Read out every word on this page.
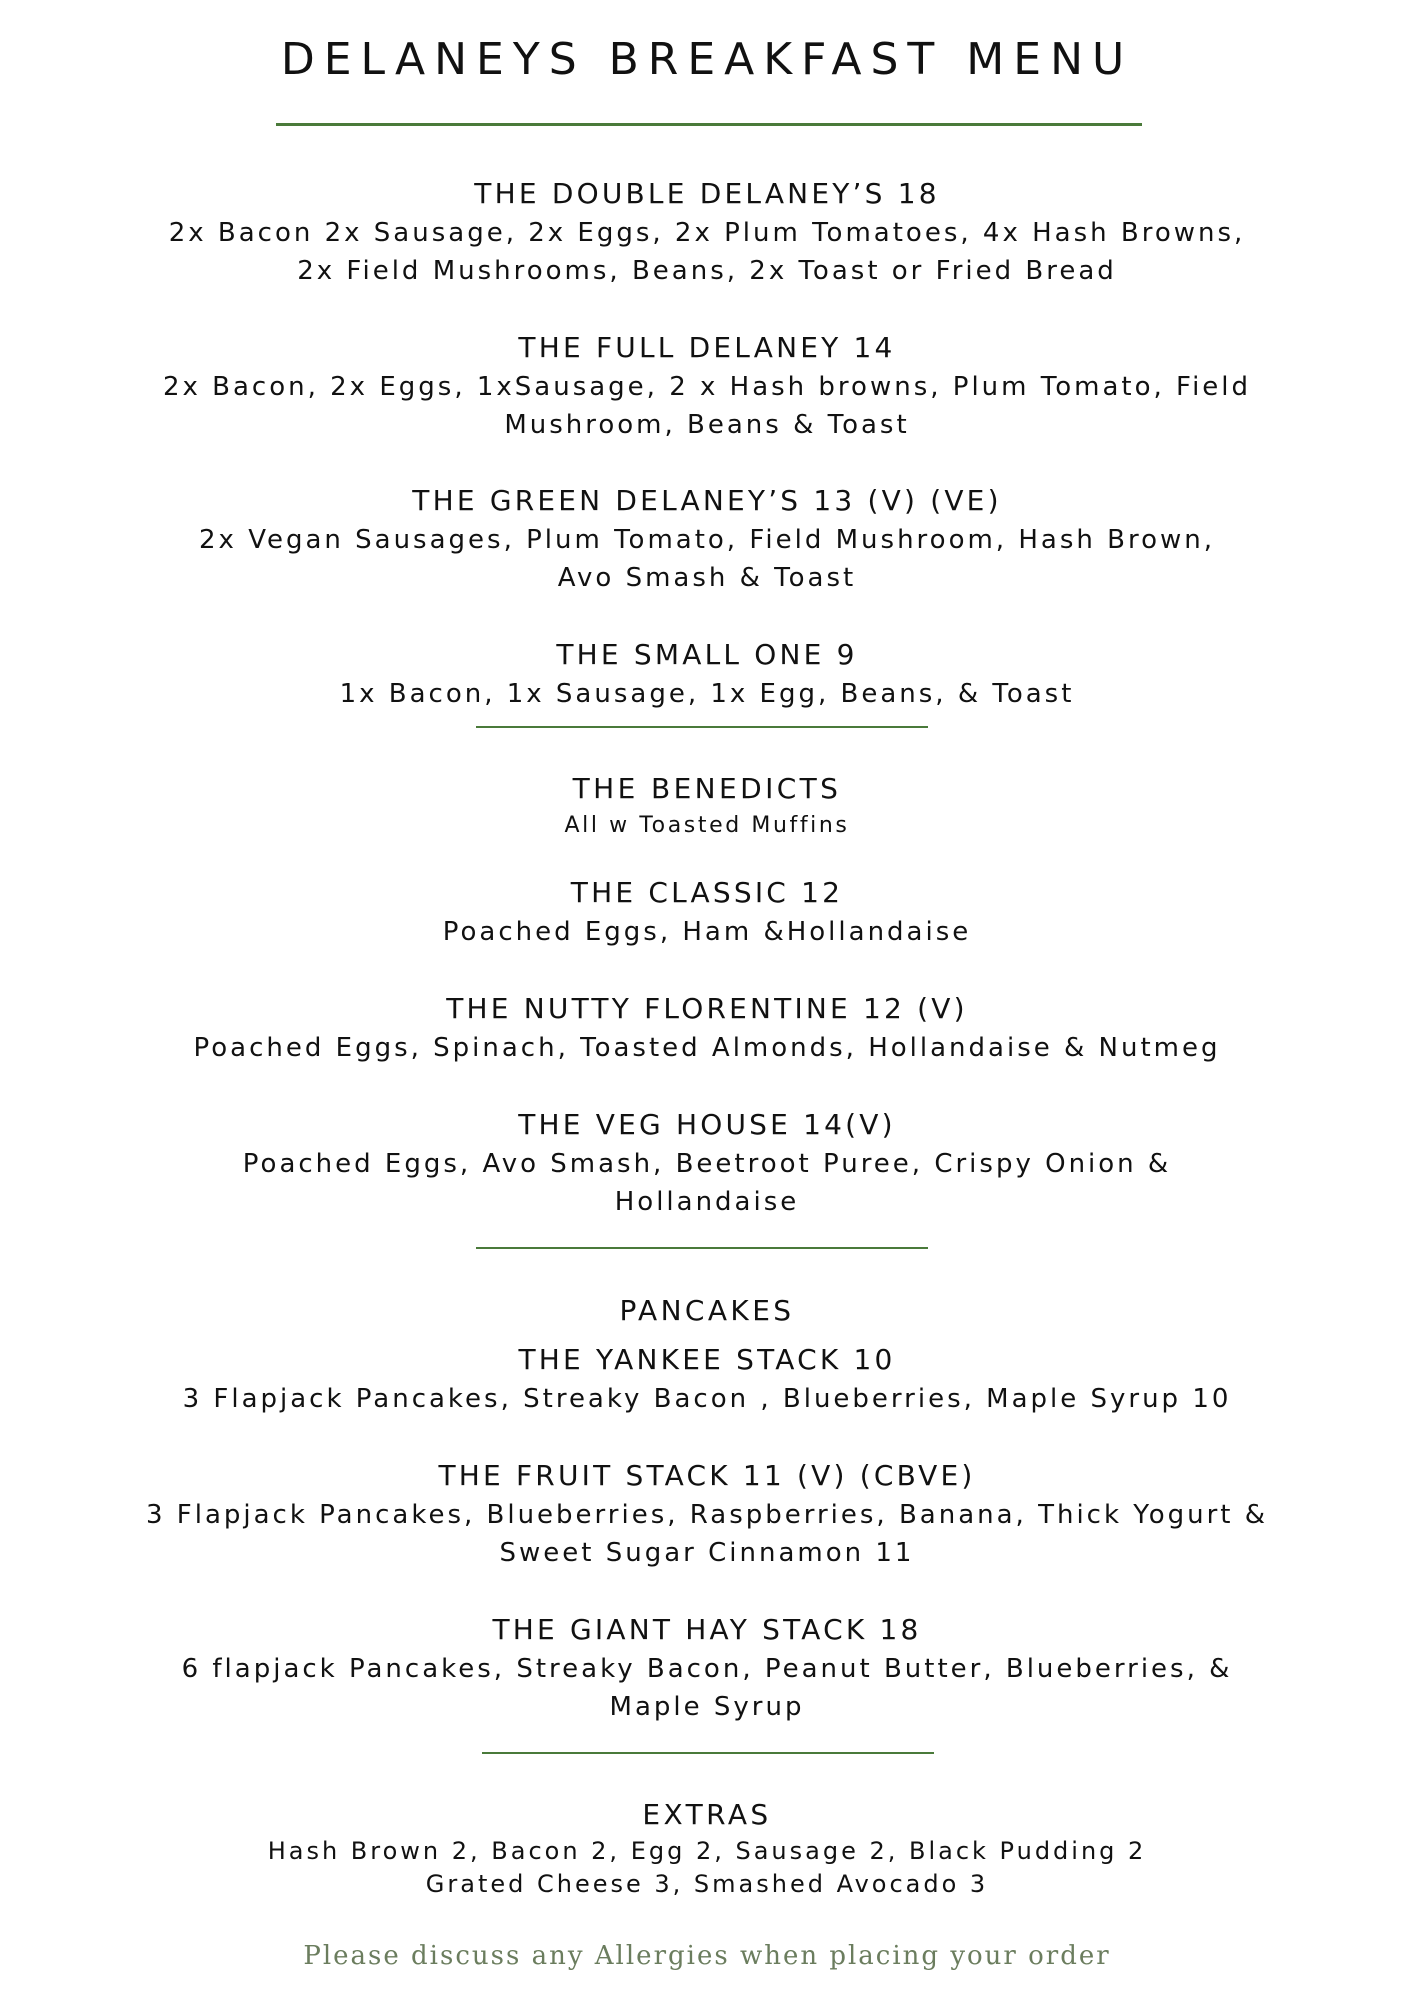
DELANEYS BREAKFAST MENU
THE DOUBLE DELANEY’S 18
2x Bacon 2x Sausage, 2x Eggs, 2x Plum Tomatoes, 4x Hash Browns,
2x Field Mushrooms, Beans, 2x Toast or Fried Bread
THE FULL DELANEY 14
2x Bacon, 2x Eggs, 1xSausage, 2 x Hash browns, Plum Tomato, Field
Mushroom, Beans & Toast
THE GREEN DELANEY’S 13 (V) (VE)
2x Vegan Sausages, Plum Tomato, Field Mushroom, Hash Brown,
Avo Smash & Toast
THE SMALL ONE 9
1x Bacon, 1x Sausage, 1x Egg, Beans, & Toast
THE BENEDICTS
All w Toasted Muffins
THE CLASSIC 12
Poached Eggs, Ham &Hollandaise
THE NUTTY FLORENTINE 12 (V)
Poached Eggs, Spinach, Toasted Almonds, Hollandaise & Nutmeg
THE VEG HOUSE 14(V)
Poached Eggs, Avo Smash, Beetroot Puree, Crispy Onion &
Hollandaise
PANCAKES
THE YANKEE STACK 10
3 Flapjack Pancakes, Streaky Bacon , Blueberries, Maple Syrup 10
THE FRUIT STACK 11 (V) (CBVE)
3 Flapjack Pancakes, Blueberries, Raspberries, Banana, Thick Yogurt &
Sweet Sugar Cinnamon 11
THE GIANT HAY STACK 18
6 flapjack Pancakes, Streaky Bacon, Peanut Butter, Blueberries, &
Maple Syrup
EXTRAS
Hash Brown 2, Bacon 2, Egg 2, Sausage 2, Black Pudding 2
Grated Cheese 3, Smashed Avocado 3
Please discuss any Allergies when placing your order
